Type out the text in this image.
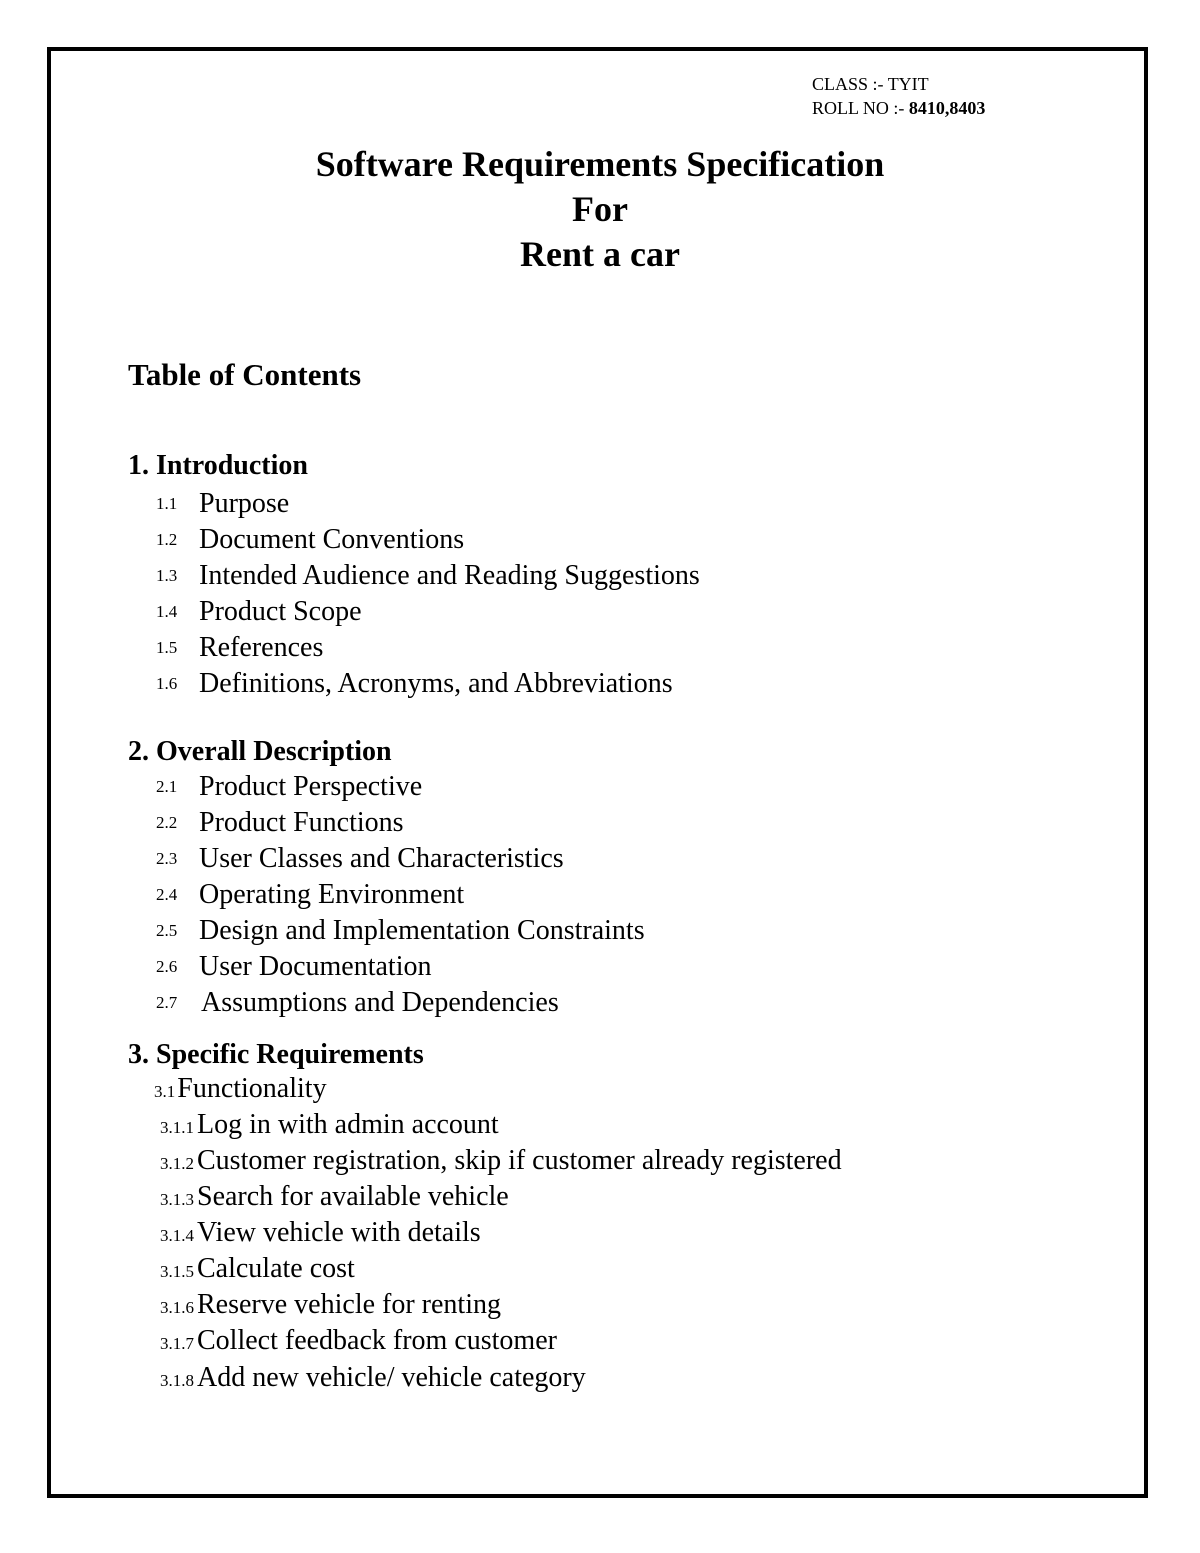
CLASS :- TYIT
ROLL NO :- 8410,8403
Software Requirements Specification
For
Rent a car
Table of Contents
1. Introduction
1.1 Purpose
1.2 Document Conventions
1.3 Intended Audience and Reading Suggestions
1.4 Product Scope
1.5 References
1.6 Definitions, Acronyms, and Abbreviations
2. Overall Description
2.1 Product Perspective
2.2 Product Functions
2.3 User Classes and Characteristics
2.4 Operating Environment
2.5 Design and Implementation Constraints
2.6 User Documentation
2.7 Assumptions and Dependencies
3. Specific Requirements
3.1Functionality
3.1.1 Log in with admin account
3.1.2 Customer registration, skip if customer already registered
3.1.3 Search for available vehicle
3.1.4 View vehicle with details
3.1.5 Calculate cost
3.1.6 Reserve vehicle for renting
3.1.7 Collect feedback from customer
3.1.8 Add new vehicle/ vehicle category
